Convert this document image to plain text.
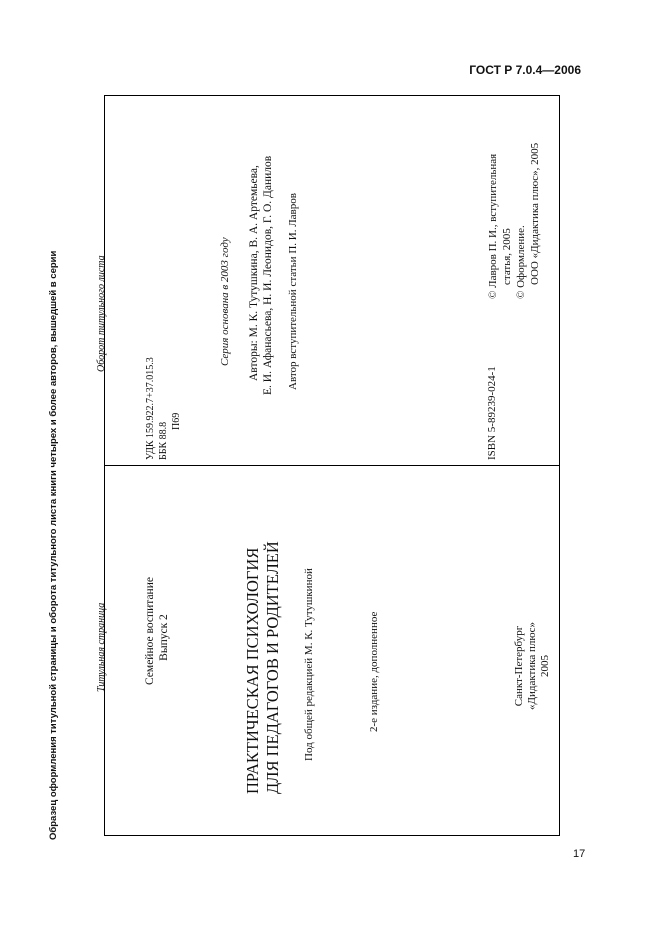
ГОСТ Р 7.0.4—2006
Образец оформления титульной страницы и оборота титульного листа книги четырех и более авторов, вышедшей в серии	Оборот титульного листа
УДК 159.922.7+37.015.3 ББК 88.8
П69
Серия основана в 2003 году Авторы: М. К. Тутушкина, В. А. Артемьева, Е. И. Афанасьева, Н. И. Леонидов, Г. О. Данилов Автор вступительной статьи П. И. Лавров
ISBN 5-89239-024-1
© Лавров П. И., вступительная статья, 2005 © Оформление. ООО «Дидактика плюс», 2005
Титульная страница	Семейное воспитание Выпуск 2	ПРАКТИЧЕСКАЯ ПСИХОЛОГИЯ ДЛЯ ПЕДАГОГОВ И РОДИТЕЛЕЙ Под общей редакцией М. К. Тутушкиной	2-е издание, дополненное	Санкт-Петербург «Дидактика плюс» 2005
17
